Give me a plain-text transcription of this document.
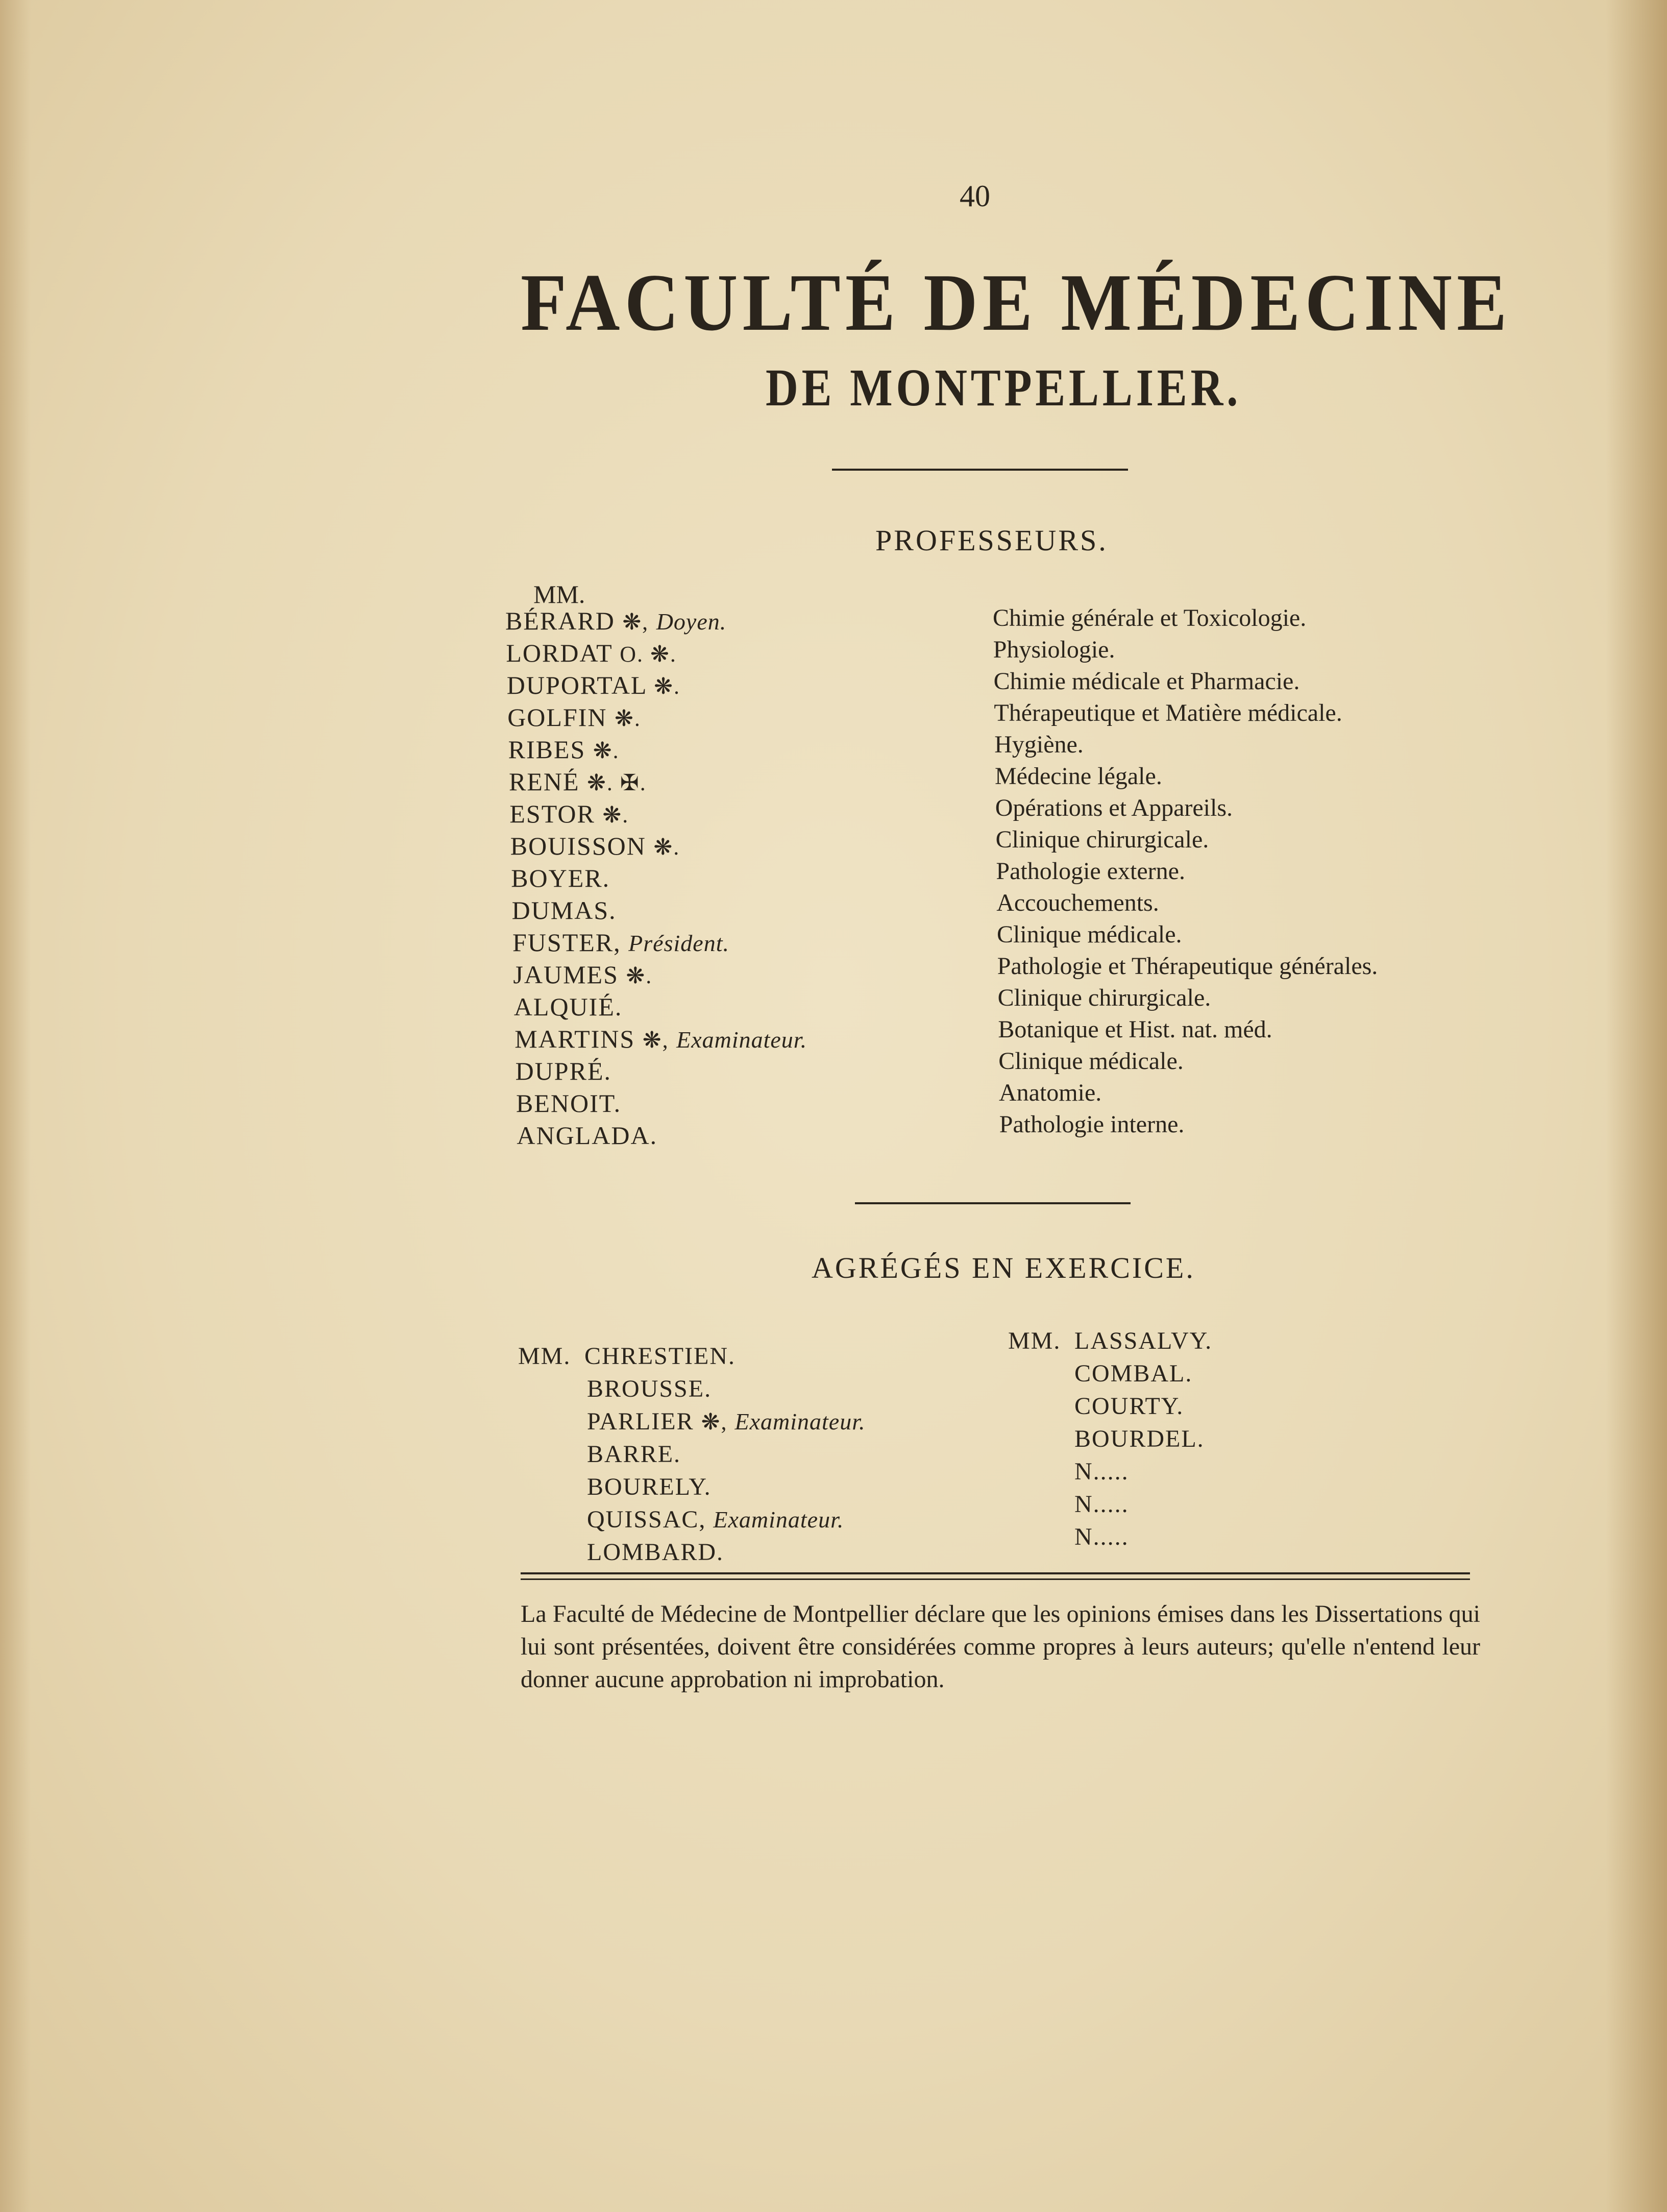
40
FACULTÉ DE MÉDECINE
DE MONTPELLIER.
PROFESSEURS.
MM.
BÉRARD ❋, Doyen.
LORDAT O. ❋.
DUPORTAL ❋.
GOLFIN ❋.
RIBES ❋.
RENÉ ❋. ✠.
ESTOR ❋.
BOUISSON ❋.
BOYER.
DUMAS.
FUSTER, Président.
JAUMES ❋.
ALQUIÉ.
MARTINS ❋, Examinateur.
DUPRÉ.
BENOIT.
ANGLADA.
Chimie générale et Toxicologie.
Physiologie.
Chimie médicale et Pharmacie.
Thérapeutique et Matière médicale.
Hygiène.
Médecine légale.
Opérations et Appareils.
Clinique chirurgicale.
Pathologie externe.
Accouchements.
Clinique médicale.
Pathologie et Thérapeutique générales.
Clinique chirurgicale.
Botanique et Hist. nat. méd.
Clinique médicale.
Anatomie.
Pathologie interne.
AGRÉGÉS EN EXERCICE.
MM. CHRESTIEN.
BROUSSE.
PARLIER ❋, Examinateur.
BARRE.
BOURELY.
QUISSAC, Examinateur.
LOMBARD.
MM. LASSALVY.
COMBAL.
COURTY.
BOURDEL.
N.....
N.....
N.....
La Faculté de Médecine de Montpellier déclare que les opinions émises dans les Dissertations qui lui sont présentées, doivent être considérées comme propres à leurs auteurs; qu'elle n'entend leur donner aucune approbation ni improbation.
